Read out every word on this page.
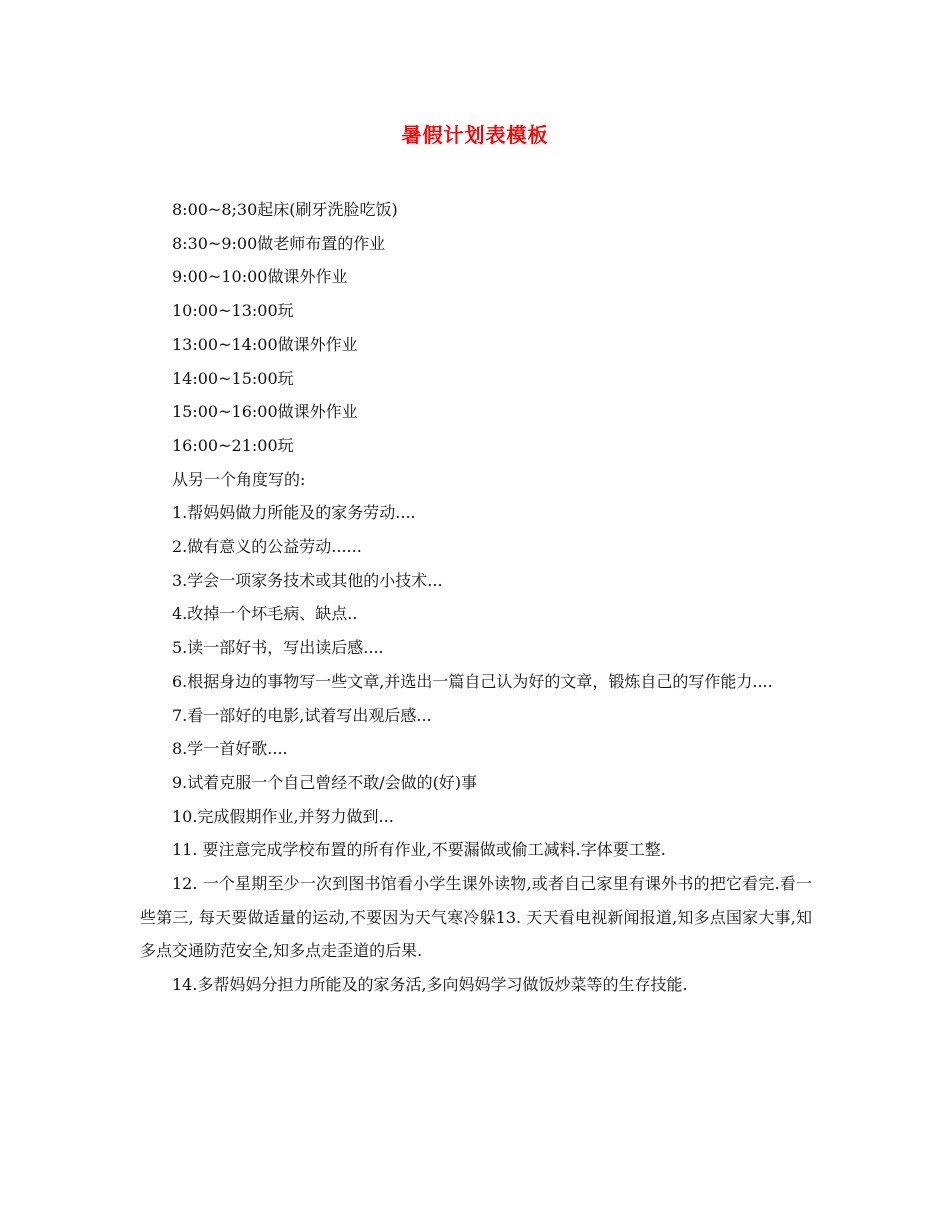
暑假计划表模板

8:00~8;30起床(刷牙洗脸吃饭)

8:30~9:00做老师布置的作业

9:00~10:00做课外作业

10:00~13:00玩

13:00~14:00做课外作业

14:00~15:00玩

15:00~16:00做课外作业

16:00~21:00玩

从另一个角度写的:

1.帮妈妈做力所能及的家务劳动....

2.做有意义的公益劳动......

3.学会一项家务技术或其他的小技术...

4.改掉一个坏毛病、缺点..

5.读一部好书，写出读后感....

6.根据身边的事物写一些文章,并选出一篇自己认为好的文章，锻炼自己的写作能力....

7.看一部好的电影,试着写出观后感...

8.学一首好歌....

9.试着克服一个自己曾经不敢/会做的(好)事

10.完成假期作业,并努力做到...

11. 要注意完成学校布置的所有作业,不要漏做或偷工减料.字体要工整.

12. 一个星期至少一次到图书馆看小学生课外读物,或者自己家里有课外书的把它看完.看一些第三, 每天要做适量的运动,不要因为天气寒冷躲13. 天天看电视新闻报道,知多点国家大事,知多点交通防范安全,知多点走歪道的后果.

14.多帮妈妈分担力所能及的家务活,多向妈妈学习做饭炒菜等的生存技能.
